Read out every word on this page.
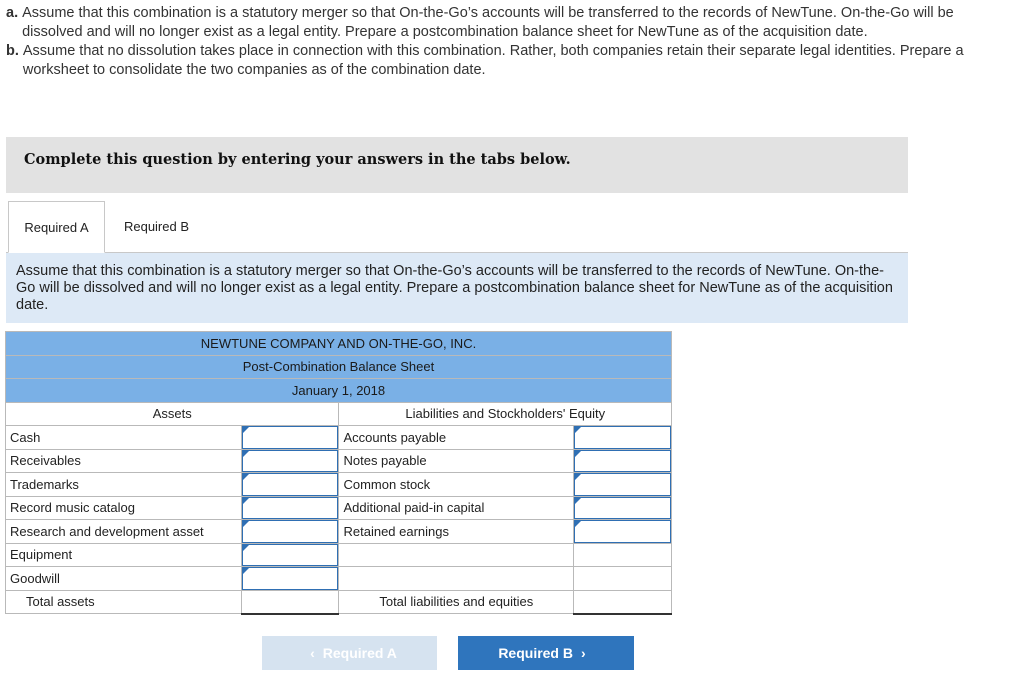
a. Assume that this combination is a statutory merger so that On-the-Go’s accounts will be transferred to the records of NewTune. On-the-Go will be dissolved and will no longer exist as a legal entity. Prepare a postcombination balance sheet for NewTune as of the acquisition date.
b. Assume that no dissolution takes place in connection with this combination. Rather, both companies retain their separate legal identities. Prepare a worksheet to consolidate the two companies as of the combination date.
Complete this question by entering your answers in the tabs below.
Required A	Required B
Assume that this combination is a statutory merger so that On-the-Go’s accounts will be transferred to the records of NewTune. On-the-Go will be dissolved and will no longer exist as a legal entity. Prepare a postcombination balance sheet for NewTune as of the acquisition date.
NEWTUNE COMPANY AND ON-THE-GO, INC.			
Post-Combination Balance Sheet			
January 1, 2018			
Assets		Liabilities and Stockholders' Equity	
Cash		Accounts payable	

Receivables		Notes payable	

Trademarks		Common stock	

Record music catalog		Additional paid-in capital	

Research and development asset		Retained earnings	

Equipment	

Goodwill	

Total assets		Total liabilities and equities	
‹ Required A	Required B ›
